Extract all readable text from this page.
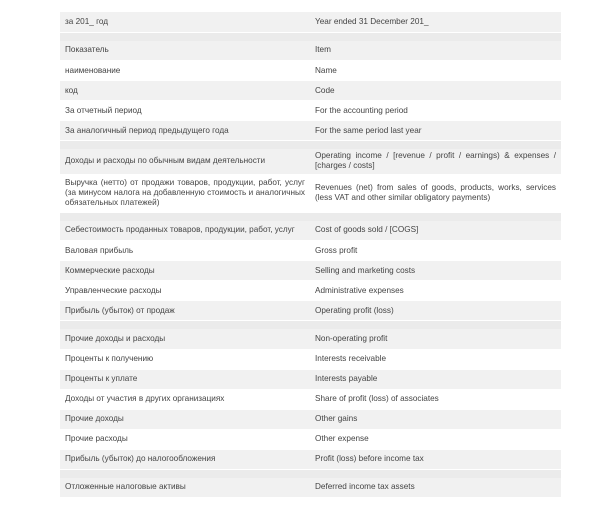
за 201_ год	Year ended 31 December 201_

Показатель	Item
наименование	Name
код	Code
За отчетный период	For the accounting period
За аналогичный период предыдущего года	For the same period last year

Доходы и расходы по обычным видам деятельности	Operating income / [revenue / profit / earnings) & expenses / [charges / costs]
Выручка (нетто) от продажи товаров, продукции, работ, услуг (за минусом налога на добавленную стоимость и аналогичных обязательных платежей)	Revenues (net) from sales of goods, products, works, services (less VAT and other similar obligatory payments)

Себестоимость проданных товаров, продукции, работ, услуг	Cost of goods sold / [COGS]
Валовая прибыль	Gross profit
Коммерческие расходы	Selling and marketing costs
Управленческие расходы	Administrative expenses
Прибыль (убыток) от продаж	Operating profit (loss)

Прочие доходы и расходы	Non-operating profit
Проценты к получению	Interests receivable
Проценты к уплате	Interests payable
Доходы от участия в других организациях	Share of profit (loss) of associates
Прочие доходы	Other gains
Прочие расходы	Other expense
Прибыль (убыток) до налогообложения	Profit (loss) before income tax

Отложенные налоговые активы	Deferred income tax assets
